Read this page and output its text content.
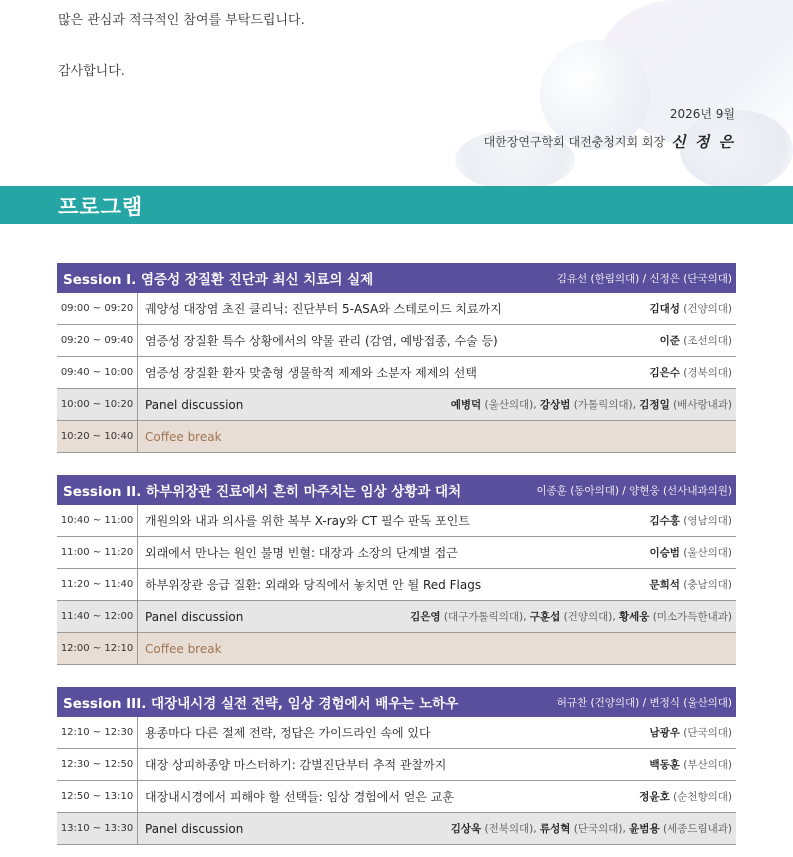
많은 관심과 적극적인 참여를 부탁드립니다.
감사합니다.
2026년 9월
대한장연구학회 대전충청지회 회장 신 정 은
프로그램
Session I. 염증성 장질환 진단과 최신 치료의 실제	김유선 (한림의대) / 신정은 (단국의대)
09:00 ~ 09:20 궤양성 대장염 초진 클리닉: 진단부터 5-ASA와 스테로이드 치료까지	김대성 (건양의대)
09:20 ~ 09:40 염증성 장질환 특수 상황에서의 약물 관리 (감염, 예방접종, 수술 등)	이준 (조선의대)
09:40 ~ 10:00 염증성 장질환 환자 맞춤형 생물학적 제제와 소분자 제제의 선택	김은수 (경북의대)
10:00 ~ 10:20 Panel discussion	예병덕 (울산의대), 강상범 (가톨릭의대), 김정일 (배사랑내과)
10:20 ~ 10:40 Coffee break
Session II. 하부위장관 진료에서 흔히 마주치는 임상 상황과 대처	이종훈 (동아의대) / 양현웅 (선사내과의원)
10:40 ~ 11:00 개원의와 내과 의사를 위한 복부 X-ray와 CT 필수 판독 포인트	김수홍 (영남의대)
11:00 ~ 11:20 외래에서 만나는 원인 불명 빈혈: 대장과 소장의 단계별 접근	이승범 (울산의대)
11:20 ~ 11:40 하부위장관 응급 질환: 외래와 당직에서 놓치면 안 될 Red Flags	문희석 (충남의대)
11:40 ~ 12:00 Panel discussion	김은영 (대구가톨릭의대), 구훈섭 (건양의대), 황세웅 (미소가득한내과)
12:00 ~ 12:10 Coffee break
Session III. 대장내시경 실전 전략, 임상 경험에서 배우는 노하우	허규찬 (건양의대) / 변정식 (울산의대)
12:10 ~ 12:30 용종마다 다른 절제 전략, 정답은 가이드라인 속에 있다	남광우 (단국의대)
12:30 ~ 12:50 대장 상피하종양 마스터하기: 감별진단부터 추적 관찰까지	백동훈 (부산의대)
12:50 ~ 13:10 대장내시경에서 피해야 할 선택들: 임상 경험에서 얻은 교훈	정윤호 (순천향의대)
13:10 ~ 13:30 Panel discussion	김상욱 (전북의대), 류성혁 (단국의대), 윤범용 (세종드림내과)
